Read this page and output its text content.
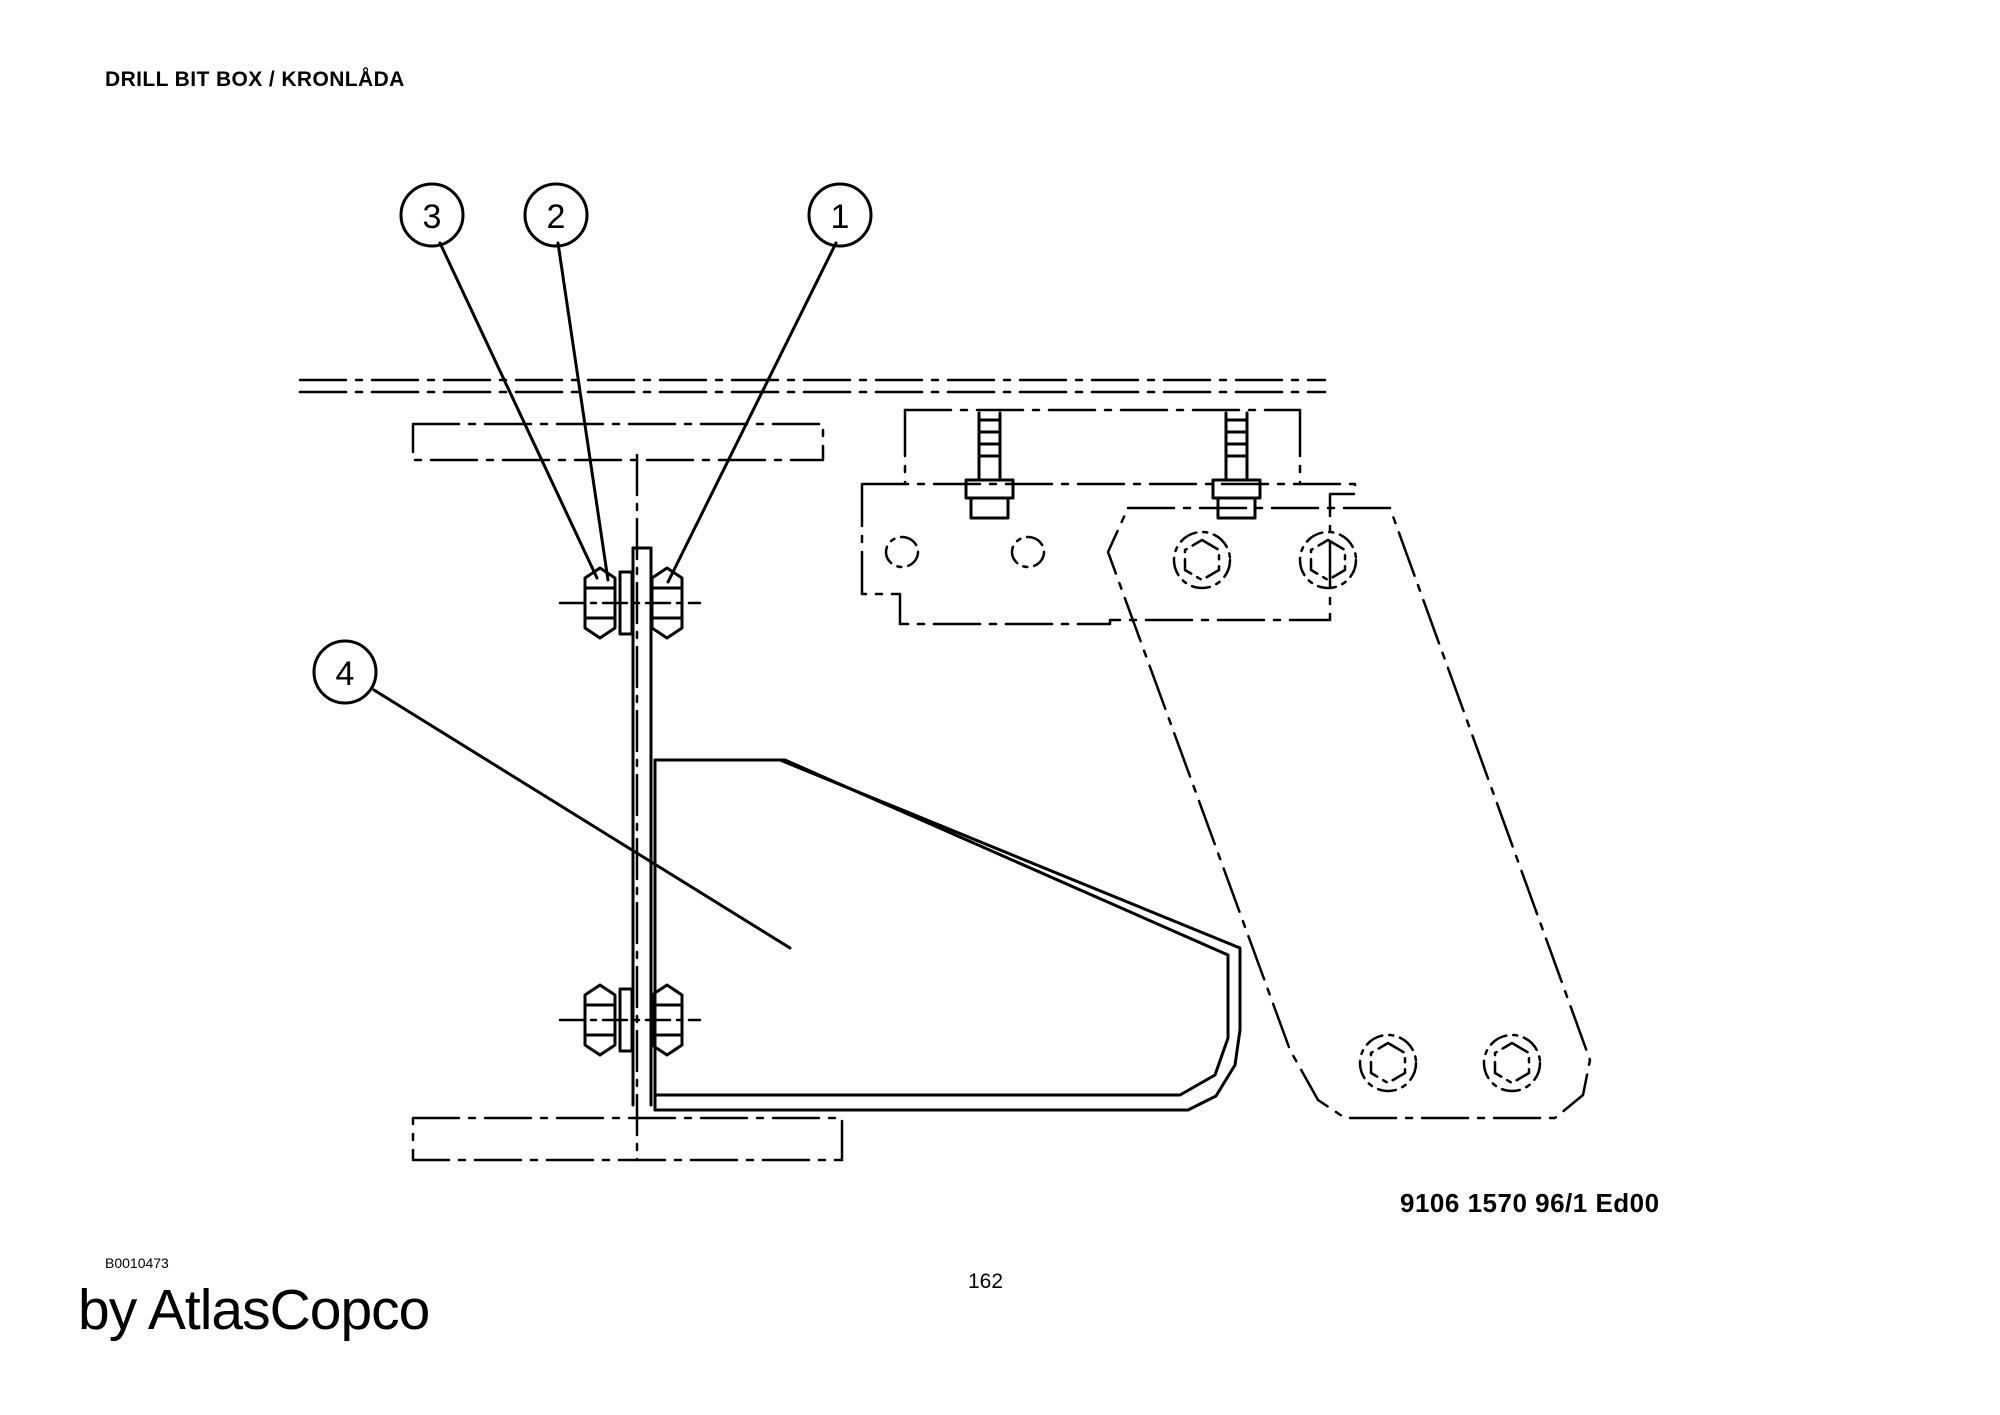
DRILL BIT BOX / KRONLÅDA
3	2	1
4
9106 1570 96/1 Ed00
B0010473
162
by AtlasCopco
